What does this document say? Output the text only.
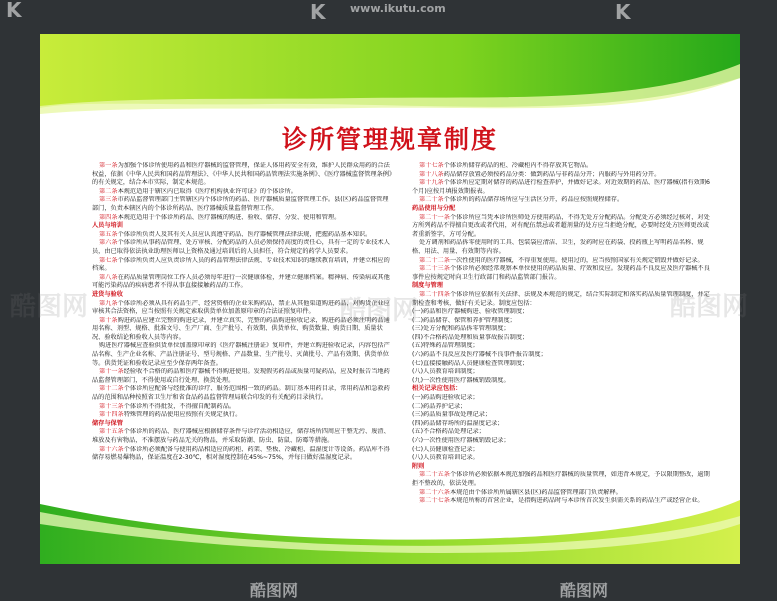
诊所管理规章制度

第一条为加强个体诊所使用药品和医疗器械的监督管理，保证人体用药安全有效，维护人民群众用药的合法权益，依据《中华人民共和国药品管理法》、《中华人民共和国药品管理法实施条例》、《医疗器械监督管理条例》的有关规定，结合本市实际，制定本规范。

第二条本规范适用于辖区内已取得《医疗机构执业许可证》的个体诊所。

第三条市药品监督管理部门主管辖区内个体诊所的药品、医疗器械质量监督管理工作。县(区)药品监督管理部门，负责本辖区内的个体诊所药品、医疗器械质量监督管理工作。

第四条本规范适用于个体诊所药品、医疗器械的购进、验收、储存、分发、使用和管理。

人员与培训

第五条个体诊所负责人及其有关人员应认真遵守药品、医疗器械管理法律法规，把握药品基本知识。

第六条个体诊所从事药品管理、处方审核、分配药品的人员必须保持高度的责任心，具有一定的专业技术人员，由已取得依法执业助理医师以上资格及通过培训后的人员担任，符合规定的药学人员要求。

第七条个体诊所负责人应负责诊所人员的药品管理法律法规、专业技术知识的继续教育培训，并建立相应的档案。

第八条在药品质量管理岗位工作人员必须每年进行一次健康体检，并建立健康档案。精神病、传染病或其他可能污染药品的疾病患者不得从事直接接触药品的工作。

进货与验收

第九条个体诊所必须从具有药品生产、经营资格的企业采购药品，禁止从其他渠道购进药品，对购货企业应审核其合法资格，应当按照有关规定索取供货单位加盖原印章的合法证照复印件。

第十条购进药品应建立完整的购进记录，并建立真实、完整的药品购进验收记录，购进药品必须注明药品通用名称、剂型、规格、批准文号、生产厂商、生产批号、有效期、供货单位、购货数量、购货日期、质量状况、验收结论和验收人员等内容。

购进医疗器械应查验供货单位加盖原印章的《医疗器械注册证》复印件，并建立购进验收记录，内容包括产品名称、生产企业名称、产品注册证号、型号规格、产品数量、生产批号、灭菌批号、产品有效期、供货单位等。供货凭证和验收记录应至少保存两年备查。

第十一条经验收不合格的药品和医疗器械不得购进使用。发现假劣药品或质量可疑药品，应及时报告当地药品监督管理部门，不得使用或自行处理、换货处理。

第十二条个体诊所应配备与经批准的诊疗、服务范围相一致的药品。制订基本用药目录，常用药品和急救药品的范围和品种按照省卫生厅和省食品药品监督管理局联合印发的有关配药目录执行。

第十三条个体诊所不得批发，不得擅自配制药品。

第十四条特殊管理的药品使用应按照有关规定执行。

储存与保管

第十五条个体诊所的药品、医疗器械应根据储存条件与诊疗活动相适应，储存场所四周应干整无污、废渣、堆放及有害物品，不准摆放与药品无关的物品，并采取防潮、防虫、防鼠、防霉等措施。

第十六条个体诊所必须配备与使用药品相适应的药柜、药架、垫板、冷藏柜、温湿度计等设备。药品库不得储存易燃易爆物品，保证温度在2-30℃，相对湿度控制在45%~75%，并每日做好温湿度记录。

第十七条个体诊所储存药品的柜、冷藏柜内不得存放其它物品。

第十八条药品储存放置必须按药品分类：做到药品与非药品分开；内服药与外用药分开。

第十九条个体诊所应定期对储存的药品进行检查养护，并做好记录。对近效期的药品、医疗器械(指有效期6个月)应按月填报效期报表。

第二十条个体诊所的药品储存场所应与生活区分开，药品应按照规程储存。

药品使用与分配

第二十一条个体诊所应当凭本诊所医师处方使用药品，不得无处方分配药品。分配处方必须经过核对，对处方所列药品不得擅自更改或者代用，对有配伍禁忌或者超剂量的处方应当拒绝分配，必要时经处方医师更改或者重新签字，方可分配。

处方调剂和药品拆零使用时的工具、包装袋应清洁、卫生，发药时应在药袋、投药瓶上写明药品名称、规格、用法、用量、有效期等内容。

第二十二条一次性使用的医疗器械，不得重复使用。使用过的，应当按照国家有关规定销毁并做好记录。

第二十三条个体诊所必须经常观察本单位使用的药品质量、疗效和反应。发现药品不良反应及医疗器械不良事件应按规定时向卫生行政部门和药品监管部门报告。

制度与管理

第二十四条个体诊所应依据有关法律、法规及本规范的规定，结合实际制定和落实药品质量管理制度，并定期检查和考核，做好有关记录。制度应包括：

(一)药品和医疗器械购进、验收管理制度；

(二)药品储存、保管和养护管理制度；

(三)处方分配和药品拆零管理制度；

(四)不合格药品处理和质量事故报告制度；

(五)特殊药品管理制度；

(六)药品不良反应及医疗器械不良事件报告制度；

(七)直接接触药品人员健康检查管理制度；

(八)人员教育培训制度；

(九)一次性使用医疗器械销毁制度。

相关记录应包括：

(一)药品购进验收记录；

(二)药品养护记录；

(三)药品质量事故处理记录；

(四)药品储存场所的温湿度记录；

(五)不合格药品处理记录；

(六)一次性使用医疗器械销毁记录；

(七)人员健康检查记录；

(八)人员教育培训记录。

附则

第二十五条个体诊所必须依据本规范加强药品和医疗器械的质量管理，如违背本规定，予以限期整改，逾期拒不整改的，依法处理。

第二十六条本规范由个体诊所所属辖区县(区)药品监督管理部门负责解释。

第二十七条本规范所称的首营企业，是指购进药品时与本诊所首次发生供需关系的药品生产或经营企业。

K	K	K
www.ikutu.com
酷图网	酷图网
